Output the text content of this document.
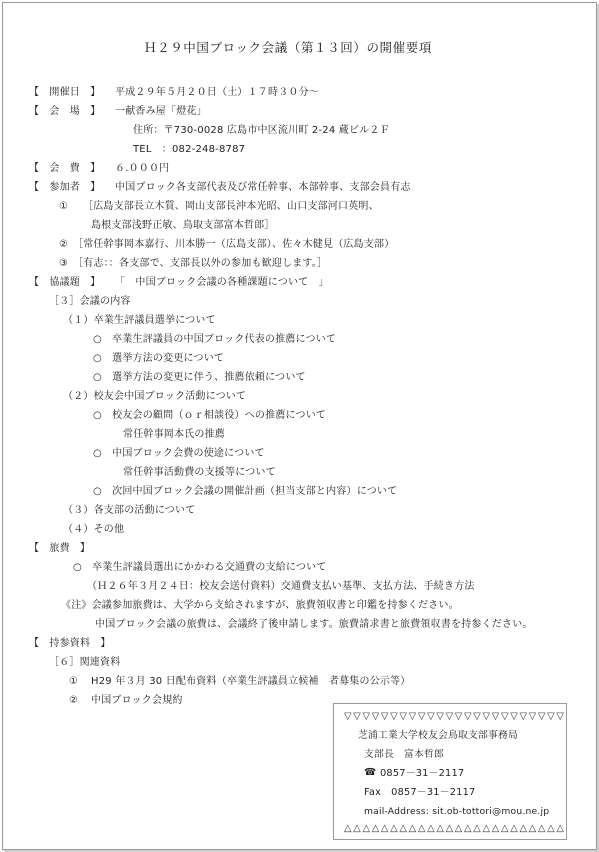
Ｈ２９中国ブロック会議（第１３回）の開催要項
【　開催日　】 平成２９年５月２０日（土）１７時３０分～
【　会　場　】 一献香み屋「燈花」
住所：〒730-0028 広島市中区流川町 2-24 蔵ビル２Ｆ
TEL　：082-248-8787
【　会　費　】 ６.０００円
【　参加者　】 中国ブロック各支部代表及び常任幹事、本部幹事、支部会員有志
① ［広島支部長立木質、岡山支部長沖本光昭、山口支部河口英明、
島根支部浅野正敏、鳥取支部富本哲郎］
② ［常任幹事岡本嘉行、川本勝一（広島支部）、佐々木健見（広島支部）
③ ［有志：：各支部で、支部長以外の参加も歓迎します。］
【　協議題　】 「　中国ブロック会議の各種課題について　」
［３］会議の内容
（１）卒業生評議員選挙について
○　卒業生評議員の中国ブロック代表の推薦について
○　選挙方法の変更について
○　選挙方法の変更に伴う、推薦依頼について
（２）校友会中国ブロック活動について
○　校友会の顧問（ｏｒ相談役）への推薦について
常任幹事岡本氏の推薦
○　中国ブロック会費の使途について
常任幹事活動費の支援等について
○　次回中国ブロック会議の開催計画（担当支部と内容）について
（３）各支部の活動について
（４）その他
【　旅費　】
○　卒業生評議員選出にかかわる交通費の支給について
（Ｈ２６年３月２４日：校友会送付資料）交通費支払い基準、支払方法、手続き方法
《注》会議参加旅費は、大学から支給されますが、旅費領収書と印鑑を持参ください。
中国ブロック会議の旅費は、会議終了後申請します。旅費請求書と旅費領収書を持参ください。
【　持参資料　】
［６］関連資料
① H29 年３月 30 日配布資料（卒業生評議員立候補　者募集の公示等）
② 中国ブロック会規約
▽▽▽▽▽▽▽▽▽▽▽▽▽▽▽▽▽▽▽▽▽▽▽▽
芝浦工業大学校友会鳥取支部事務局
支部長　富本哲郎
☎ 0857－31－2117
Fax　0857－31－2117
mail-Address: sit.ob-tottori@mou.ne.jp
△△△△△△△△△△△△△△△△△△△△△△△△
